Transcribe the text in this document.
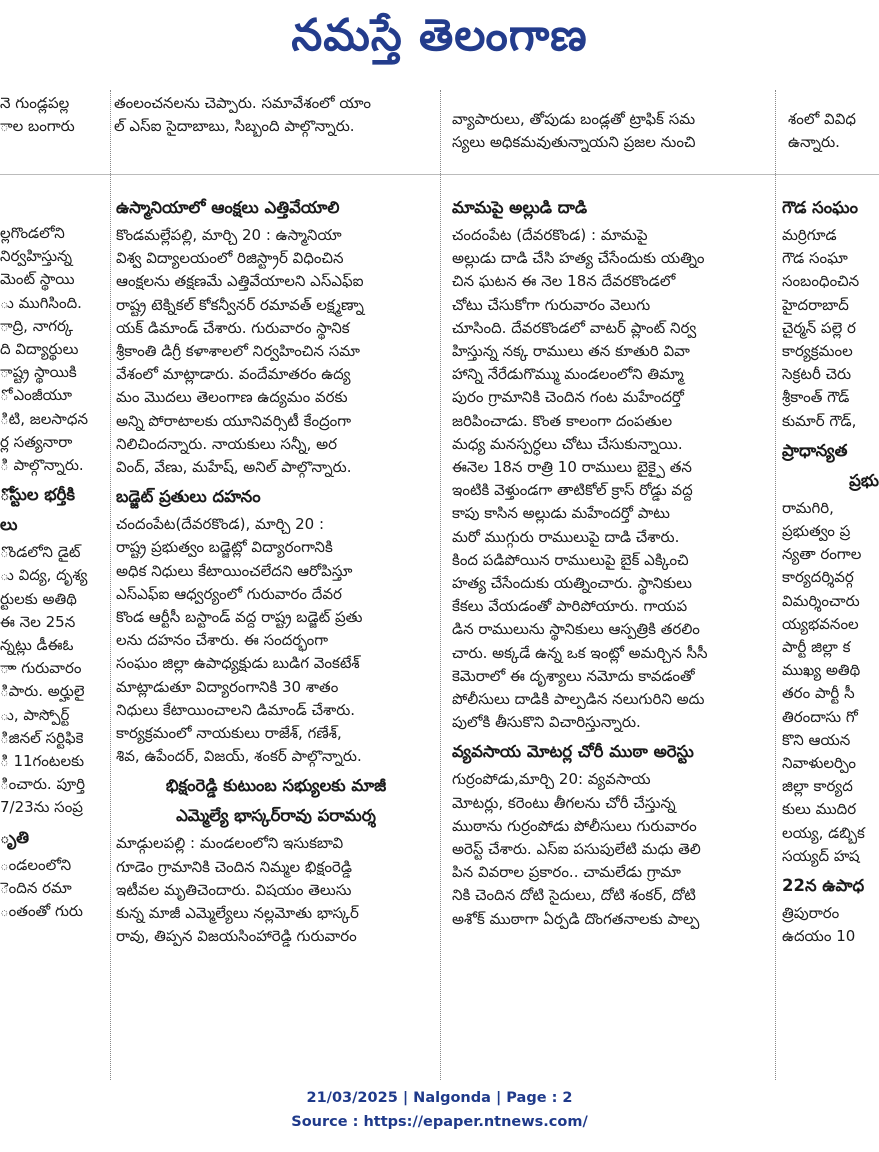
నమస్తే తెలంగాణ

నె గుండ్లపల్ల

ాల బంగారు

తంలంచనలను చెప్పారు. సమావేశంలో యాం

ల్ ఎస్ఐ సైదాబాబు, సిబ్బంది పాల్గొన్నారు.	వ్యాపారులు, తోపుడు బండ్లతో ట్రాఫిక్ సమ

స్యలు అధికమవుతున్నాయని ప్రజల నుంచి

శంలో వివిధ

ఉన్నారు.

ల్లగొండలోని

నిర్వహిస్తున్న

మెంట్ స్థాయి

ు ముగిసింది.

ాద్రి, నాగర్క

ది విద్యార్థులు

ాష్ట్ర స్థాయికి

ో ఎంజీయూ

ిటి, జలసాధన

ర్ల సత్యనారా

ి పాల్గొన్నారు.

ోస్టుల భర్తీకి
లు

ొండలోని డైట్

ు విద్య, దృశ్య

ర్టులకు అతిథి

ఈ నెల 25న

న్నట్లు డీఈఓ

ాా గురువారం

ిపారు. అర్హులై

ు, పాస్పోర్ట్

ిజినల్ సర్టిఫికె

ి 11గంటలకు

ించారు. పూర్తి

7/23ను సంప్ర

ృతి

ండలంలోని

ెందిన రమా

ంతంతో గురు

ఉస్మానియాలో ఆంక్షలు ఎత్తివేయాలి

కొండమల్లేపల్లి, మార్చి 20 : ఉస్మానియా

విశ్వ విద్యాలయంలో రిజిస్ట్రార్ విధించిన

ఆంక్షలను తక్షణమే ఎత్తివేయాలని ఎస్ఎఫ్ఐ

రాష్ట్ర టెక్నికల్ కోకన్వీనర్ రమావత్ లక్ష్మణ్నా

యక్ డిమాండ్ చేశారు. గురువారం స్థానిక

శ్రీకాంతి డిగ్రీ కళాశాలలో నిర్వహించిన సమా

వేశంలో మాట్లాడారు. వందేమాతరం ఉద్య

మం మొదలు తెలంగాణ ఉద్యమం వరకు

అన్ని పోరాటాలకు యూనివర్సిటీ కేంద్రంగా

నిలిచిందన్నారు. నాయకులు సన్నీ, అర

వింద్, వేణు, మహేష్, అనిల్ పాల్గొన్నారు.

బడ్జెట్ ప్రతులు దహనం

చందంపేట(దేవరకొండ), మార్చి 20 :

రాష్ట్ర ప్రభుత్వం బడ్జెట్లో విద్యారంగానికి

అధిక నిధులు కేటాయించలేదని ఆరోపిస్తూ

ఎస్ఎఫ్ఐ ఆధ్వర్యంలో గురువారం దేవర

కొండ ఆర్టీసీ బస్టాండ్ వద్ద రాష్ట్ర బడ్జెట్ ప్రతు

లను దహనం చేశారు. ఈ సందర్భంగా

సంఘం జిల్లా ఉపాధ్యక్షుడు బుడిగ వెంకటేశ్

మాట్లాడుతూ విద్యారంగానికి 30 శాతం

నిధులు కేటాయించాలని డిమాండ్ చేశారు.

కార్యక్రమంలో నాయకులు రాజేశ్, గణేశ్,

శివ, ఉపేందర్, విజయ్, శంకర్ పాల్గొన్నారు.

భిక్షంరెడ్డి కుటుంబ సభ్యులకు మాజీ
ఎమ్మెల్యే భాస్కర్‌రావు పరామర్శ

మాడ్గులపల్లి : మండలంలోని ఇసుకబావి

గూడెం గ్రామానికి చెందిన నిమ్మల భిక్షంరెడ్డి

ఇటీవల మృతిచెందారు. విషయం తెలుసు

కున్న మాజీ ఎమ్మెల్యేలు నల్లమోతు భాస్కర్

రావు, తిప్పన విజయసింహారెడ్డి గురువారం

మామపై అల్లుడి దాడి

చందంపేట (దేవరకొండ) : మామపై

అల్లుడు దాడి చేసి హత్య చేసేందుకు యత్నిం

చిన ఘటన ఈ నెల 18న దేవరకొండలో

చోటు చేసుకోగా గురువారం వెలుగు

చూసింది. దేవరకొండలో వాటర్ ప్లాంట్ నిర్వ

హిస్తున్న నక్క రాములు తన కూతురి వివా

హాన్ని నేరేడుగొమ్ము మండలంలోని తిమ్మా

పురం గ్రామానికి చెందిన గంట మహేందర్తో

జరిపించాడు. కొంత కాలంగా దంపతుల

మధ్య మనస్పర్ధలు చోటు చేసుకున్నాయి.

ఈనెల 18న రాత్రి 10 రాములు బైక్పై తన

ఇంటికి వెళ్తుండగా తాటికోల్ క్రాస్ రోడ్డు వద్ద

కాపు కాసిన అల్లుడు మహేందర్తో పాటు

మరో ముగ్గురు రాములుపై దాడి చేశారు.

కింద పడిపోయిన రాములుపై బైక్ ఎక్కించి

హత్య చేసేందుకు యత్నించారు. స్థానికులు

కేకలు వేయడంతో పారిపోయారు. గాయప

డిన రాములును స్థానికులు ఆస్పత్రికి తరలిం

చారు. అక్కడే ఉన్న ఒక ఇంట్లో అమర్చిన సీసీ

కెమెరాలో ఈ దృశ్యాలు నమోదు కావడంతో

పోలీసులు దాడికి పాల్పడిన నలుగురిని అదు

పులోకి తీసుకొని విచారిస్తున్నారు.

వ్యవసాయ మోటర్ల చోరీ ముఠా అరెస్టు

గుర్రంపోడు,మార్చి 20: వ్యవసాయ

మోటర్లు, కరెంటు తీగలను చోరీ చేస్తున్న

ముఠాను గుర్రంపోడు పోలీసులు గురువారం

అరెస్ట్ చేశారు. ఎస్ఐ పసుపులేటి మధు తెలి

పిన వివరాల ప్రకారం.. చామలేడు గ్రామా

నికి చెందిన దోటి సైదులు, దోటి శంకర్, దోటి

అశోక్ ముఠాగా ఏర్పడి దొంగతనాలకు పాల్ప

గౌడ సంఘం

మర్రిగూడ

గౌడ సంఘా

సంబంధించిన

హైదరాబాద్

చైర్మన్ పల్లె ర

కార్యక్రమంల

సెక్రటరీ చెరు

శ్రీకాంత్ గౌడ్

కుమార్ గౌడ్,

ప్రాధాన్యత
ప్రభు

రామగిరి,

ప్రభుత్వం ప్ర

న్యతా రంగాల

కార్యదర్శివర్గ

విమర్శించారు

య్యభవనంల

పార్టీ జిల్లా క

ముఖ్య అతిథి

తరం పార్టీ సీ

తిరందాసు గో

కొని ఆయన

నివాళులర్పిం

జిల్లా కార్యద

కులు ముదిర

లయ్య, డబ్బిక

సయ్యద్ హష

22న ఉపాధ

త్రిపురారం

ఉదయం 10

21/03/2025 | Nalgonda | Page : 2
Source : https://epaper.ntnews.com/
